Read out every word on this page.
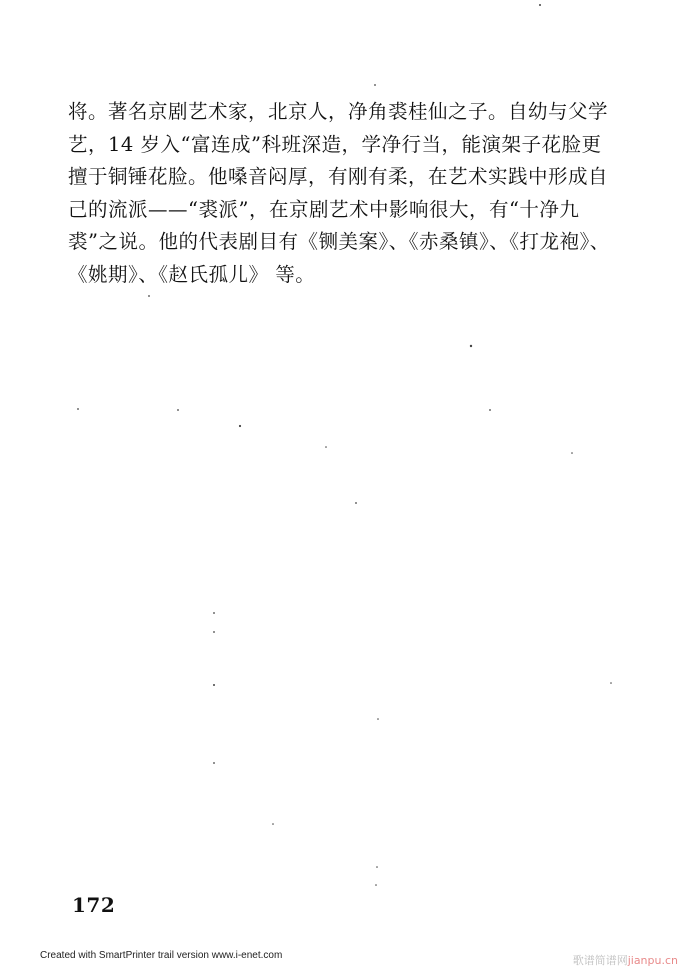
将。著名京剧艺术家，北京人，净角裘桂仙之子。自幼与父学
艺，14 岁入“富连成”科班深造，学净行当，能演架子花脸更
擅于铜锤花脸。他嗓音闷厚，有刚有柔，在艺术实践中形成自
己的流派——“裘派”，在京剧艺术中影响很大，有“十净九
裘”之说。他的代表剧目有《铡美案》、《赤桑镇》、《打龙袍》、
《姚期》、《赵氏孤儿》 等。
172
Created with SmartPrinter trail version www.i-enet.com	歌谱简谱网jianpu.cn
